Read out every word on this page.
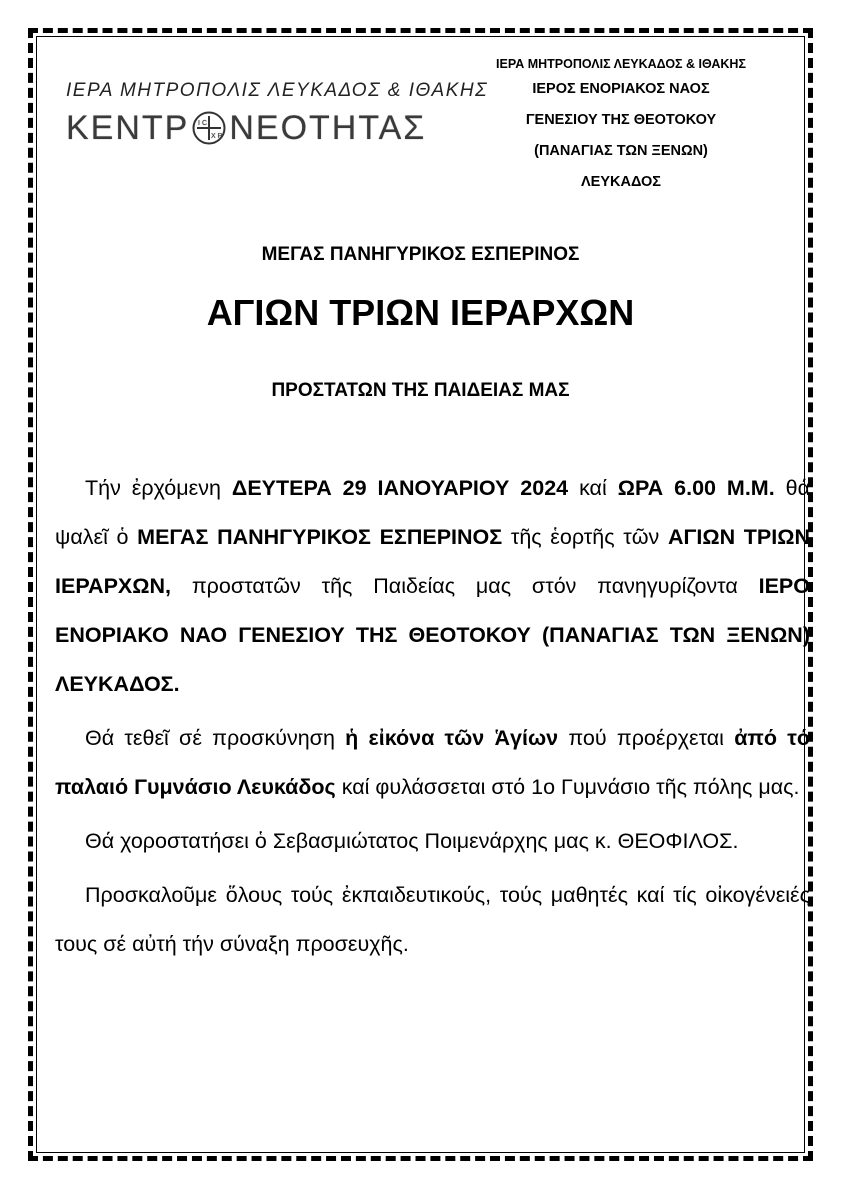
ΙΕΡΑ ΜΗΤΡΟΠΟΛΙΣ ΛΕΥΚΑΔΟΣ & ΙΘΑΚΗΣ
ΚΕΝΤΡ IC
XP ΝΕΟΤΗΤΑΣ
ΙΕΡΑ ΜΗΤΡΟΠΟΛΙΣ ΛΕΥΚΑΔΟΣ & ΙΘΑΚΗΣ
ΙΕΡΟΣ ΕΝΟΡΙΑΚΟΣ ΝΑΟΣ
ΓΕΝΕΣΙΟΥ ΤΗΣ ΘΕΟΤΟΚΟΥ
(ΠΑΝΑΓΙΑΣ ΤΩΝ ΞΕΝΩΝ)
ΛΕΥΚΑΔΟΣ
ΜΕΓΑΣ ΠΑΝΗΓΥΡΙΚΟΣ ΕΣΠΕΡΙΝΟΣ
ΑΓΙΩΝ ΤΡΙΩΝ ΙΕΡΑΡΧΩΝ
ΠΡΟΣΤΑΤΩΝ ΤΗΣ ΠΑΙΔΕΙΑΣ ΜΑΣ

Τήν ἐρχόμενη ΔΕΥΤΕΡΑ 29 ΙΑΝΟΥΑΡΙΟΥ 2024 καί ΩΡΑ 6.00 Μ.Μ. θά ψαλεῖ ὁ ΜΕΓΑΣ ΠΑΝΗΓΥΡΙΚΟΣ ΕΣΠΕΡΙΝΟΣ τῆς ἑορτῆς τῶν ΑΓΙΩΝ ΤΡΙΩΝ ΙΕΡΑΡΧΩΝ, προστατῶν τῆς Παιδείας μας στόν πανηγυρίζοντα ΙΕΡΟ ΕΝΟΡΙΑΚΟ ΝΑΟ ΓΕΝΕΣΙΟΥ ΤΗΣ ΘΕΟΤΟΚΟΥ (ΠΑΝΑΓΙΑΣ ΤΩΝ ΞΕΝΩΝ) ΛΕΥΚΑΔΟΣ.

Θά τεθεῖ σέ προσκύνηση ἡ εἰκόνα τῶν Ἁγίων πού προέρχεται ἀπό τό παλαιό Γυμνάσιο Λευκάδος καί φυλάσσεται στό 1ο Γυμνάσιο τῆς πόλης μας.

Θά χοροστατήσει ὁ Σεβασμιώτατος Ποιμενάρχης μας κ. ΘΕΟΦΙΛΟΣ.

Προσκαλοῦμε ὅλους τούς ἐκπαιδευτικούς, τούς μαθητές καί τίς οἰκογένειές τους σέ αὐτή τήν σύναξη προσευχῆς.
